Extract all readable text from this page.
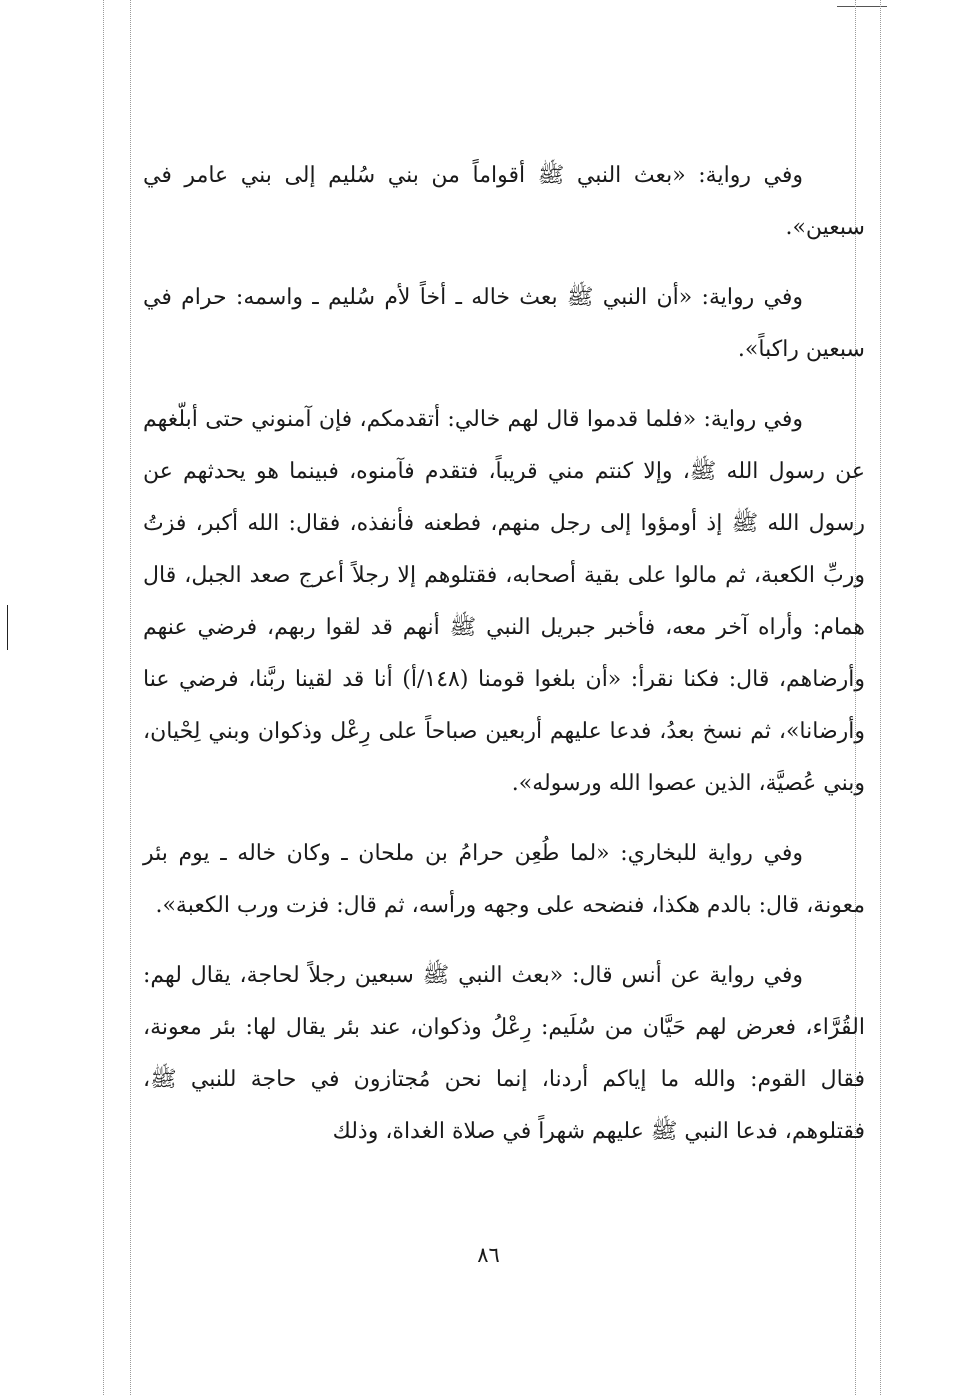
وفي رواية: «بعث النبي ﷺ أقواماً من بني سُليم إلى بني عامر في سبعين».

وفي رواية: «أن النبي ﷺ بعث خاله ـ أخاً لأم سُليم ـ واسمه: حرام في سبعين راكباً».

وفي رواية: «فلما قدموا قال لهم خالي: أتقدمكم، فإن آمنوني حتى أبلّغهم عن رسول الله ﷺ، وإلا كنتم مني قريباً، فتقدم فآمنوه، فبينما هو يحدثهم عن رسول الله ﷺ إذ أومؤوا إلى رجل منهم، فطعنه فأنفذه، فقال: الله أكبر، فزتُ وربِّ الكعبة، ثم مالوا على بقية أصحابه، فقتلوهم إلا رجلاً أعرج صعد الجبل، قال همام: وأراه آخر معه، فأخبر جبريل النبي ﷺ أنهم قد لقوا ربهم، فرضي عنهم وأرضاهم، قال: فكنا نقرأ: «أن بلغوا قومنا (١٤٨/أ) أنا قد لقينا ربَّنا، فرضي عنا وأرضانا»، ثم نسخ بعدُ، فدعا عليهم أربعين صباحاً على رِعْل وذكوان وبني لِحْيان، وبني عُصيَّة، الذين عصوا الله ورسوله».

وفي رواية للبخاري: «لما طُعِن حرامُ بن ملحان ـ وكان خاله ـ يوم بئر معونة، قال: بالدم هكذا، فنضحه على وجهه ورأسه، ثم قال: فزت ورب الكعبة».

وفي رواية عن أنس قال: «بعث النبي ﷺ سبعين رجلاً لحاجة، يقال لهم: القُرَّاء، فعرض لهم حَيَّان من سُلَيم: رِعْلُ وذكوان، عند بئر يقال لها: بئر معونة، فقال القوم: والله ما إياكم أردنا، إنما نحن مُجتازون في حاجة للنبي ﷺ، فقتلوهم، فدعا النبي ﷺ عليهم شهراً في صلاة الغداة، وذلك

٨٦
